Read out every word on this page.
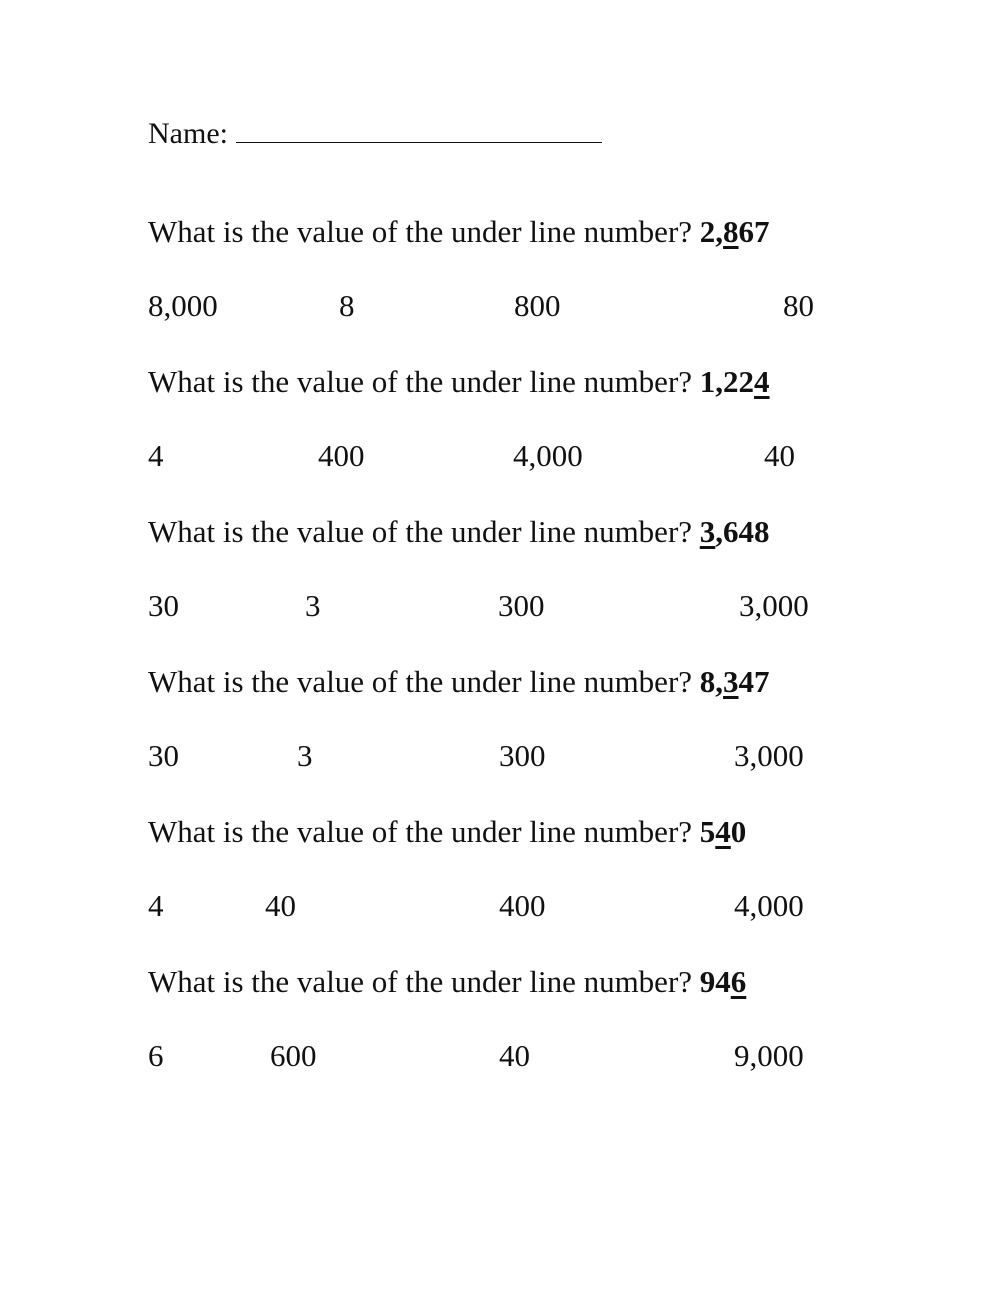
Name:
What is the value of the under line number? 2,867
8,000	8	800	80
What is the value of the under line number? 1,224
4	400	4,000	40
What is the value of the under line number? 3,648
30	3	300	3,000
What is the value of the under line number? 8,347
30	3	300	3,000
What is the value of the under line number? 540
4	40	400	4,000
What is the value of the under line number? 946
6	600	40	9,000
